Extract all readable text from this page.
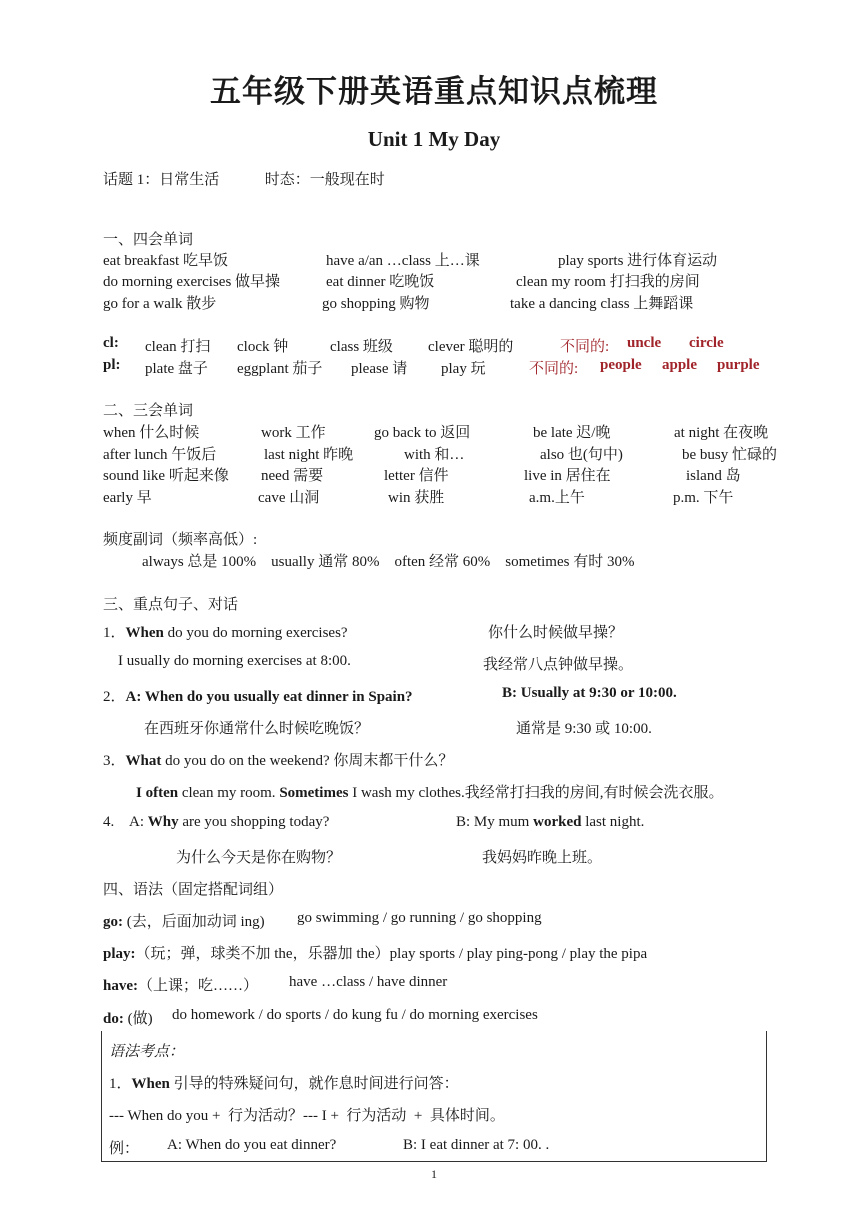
五年级下册英语重点知识点梳理
Unit 1 My Day
话题 1：日常生活	时态：一般现在时
一、四会单词
eat breakfast 吃早饭	have a/an …class 上…课	play sports 进行体育运动
do morning exercises 做早操	eat dinner 吃晚饭	clean my room 打扫我的房间
go for a walk 散步	go shopping 购物	take a dancing class 上舞蹈课
cl: clean 打扫 clock 钟	class 班级 clever 聪明的	不同的: uncle circle
pl: plate 盘子 eggplant 茄子 please 请 play 玩	不同的: people apple purple
二、三会单词
when 什么时候	work 工作	go back to 返回	be late 迟/晚	at night 在夜晚
after lunch 午饭后	last night 昨晚	with 和…	also 也(句中)	be busy 忙碌的
sound like 听起来像 need 需要	letter 信件	live in 居住在	island 岛
early 早	cave 山洞	win 获胜	a.m.上午	p.m. 下午
频度副词（频率高低）:
always 总是 100%    usually 通常 80%    often 经常 60%    sometimes 有时 30%
三、重点句子、对话
1．When do you do morning exercises?	你什么时候做早操？
I usually do morning exercises at 8:00.	我经常八点钟做早操。
2．A: When do you usually eat dinner in Spain?	B: Usually at 9:30 or 10:00.
在西班牙你通常什么时候吃晚饭？	通常是 9:30 或 10:00.
3．What do you do on the weekend? 你周末都干什么？
I often clean my room. Sometimes I wash my clothes.我经常打扫我的房间,有时候会洗衣服。
4. A: Why are you shopping today?	B: My mum worked last night.
为什么今天是你在购物？	我妈妈昨晚上班。
四、语法（固定搭配词组）
go: (去，后面加动词 ing) go swimming / go running / go shopping
play:（玩；弹，球类不加 the，乐器加 the）play sports / play ping-pong / play the pipa
have:（上课；吃……） have …class / have dinner
do: (做) do homework / do sports / do kung fu / do morning exercises
语法考点：
1．When 引导的特殊疑问句，就作息时间进行问答：
--- When do you +  行为活动？--- I +  行为活动  +  具体时间。
例： A: When do you eat dinner?	B: I eat dinner at 7: 00. .
1
